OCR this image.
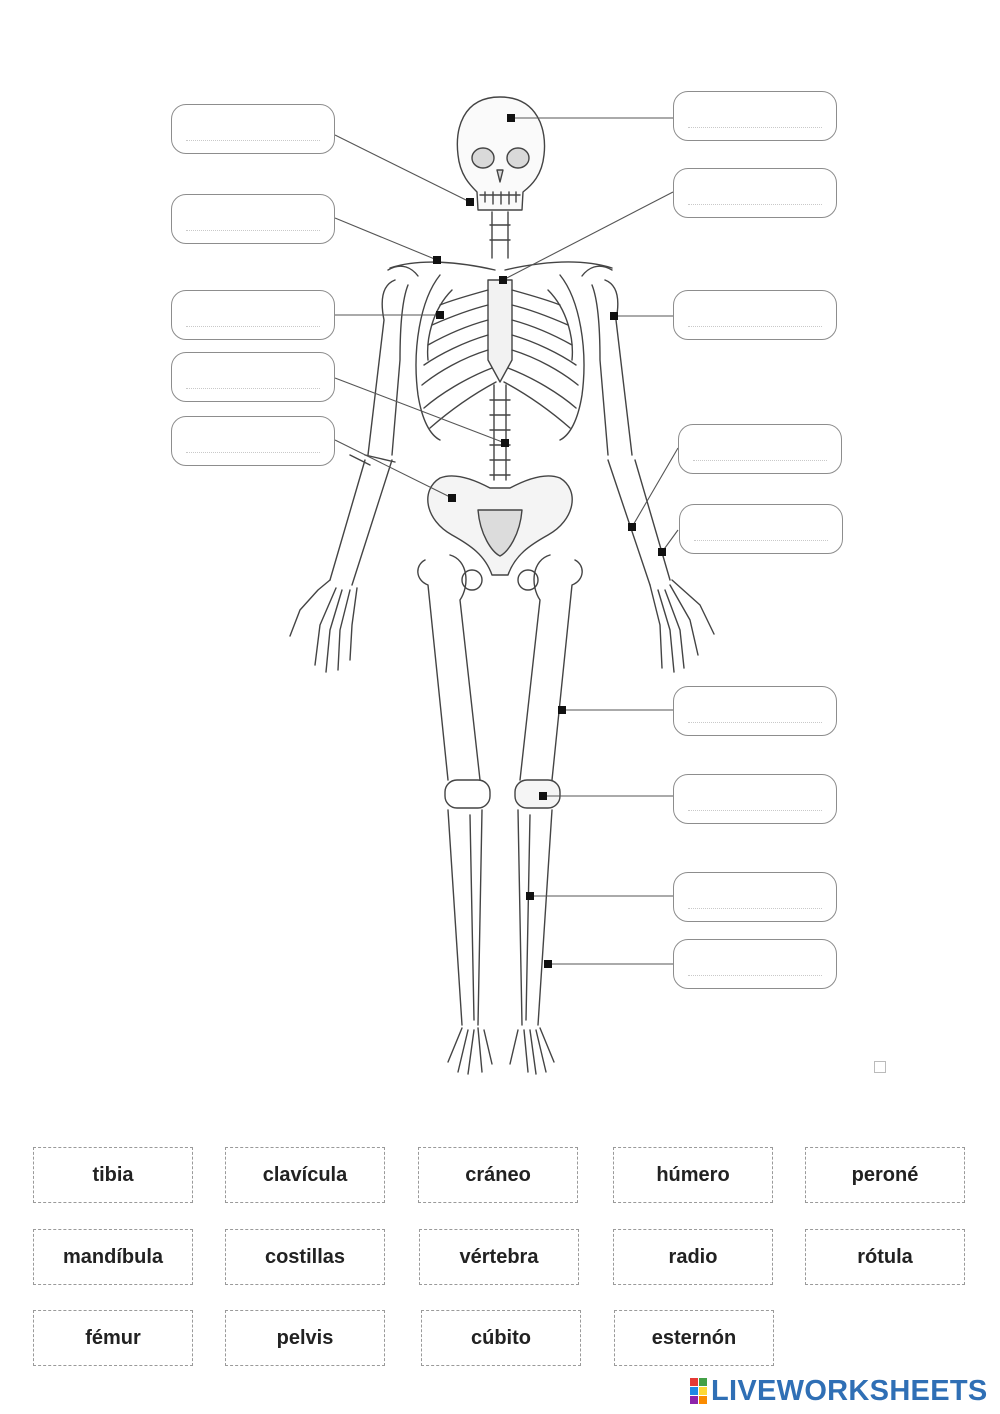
tibia	clavícula	cráneo	húmero	peroné
mandíbula	costillas	vértebra	radio	rótula
fémur	pelvis	cúbito	esternón
LIVEWORKSHEETS
